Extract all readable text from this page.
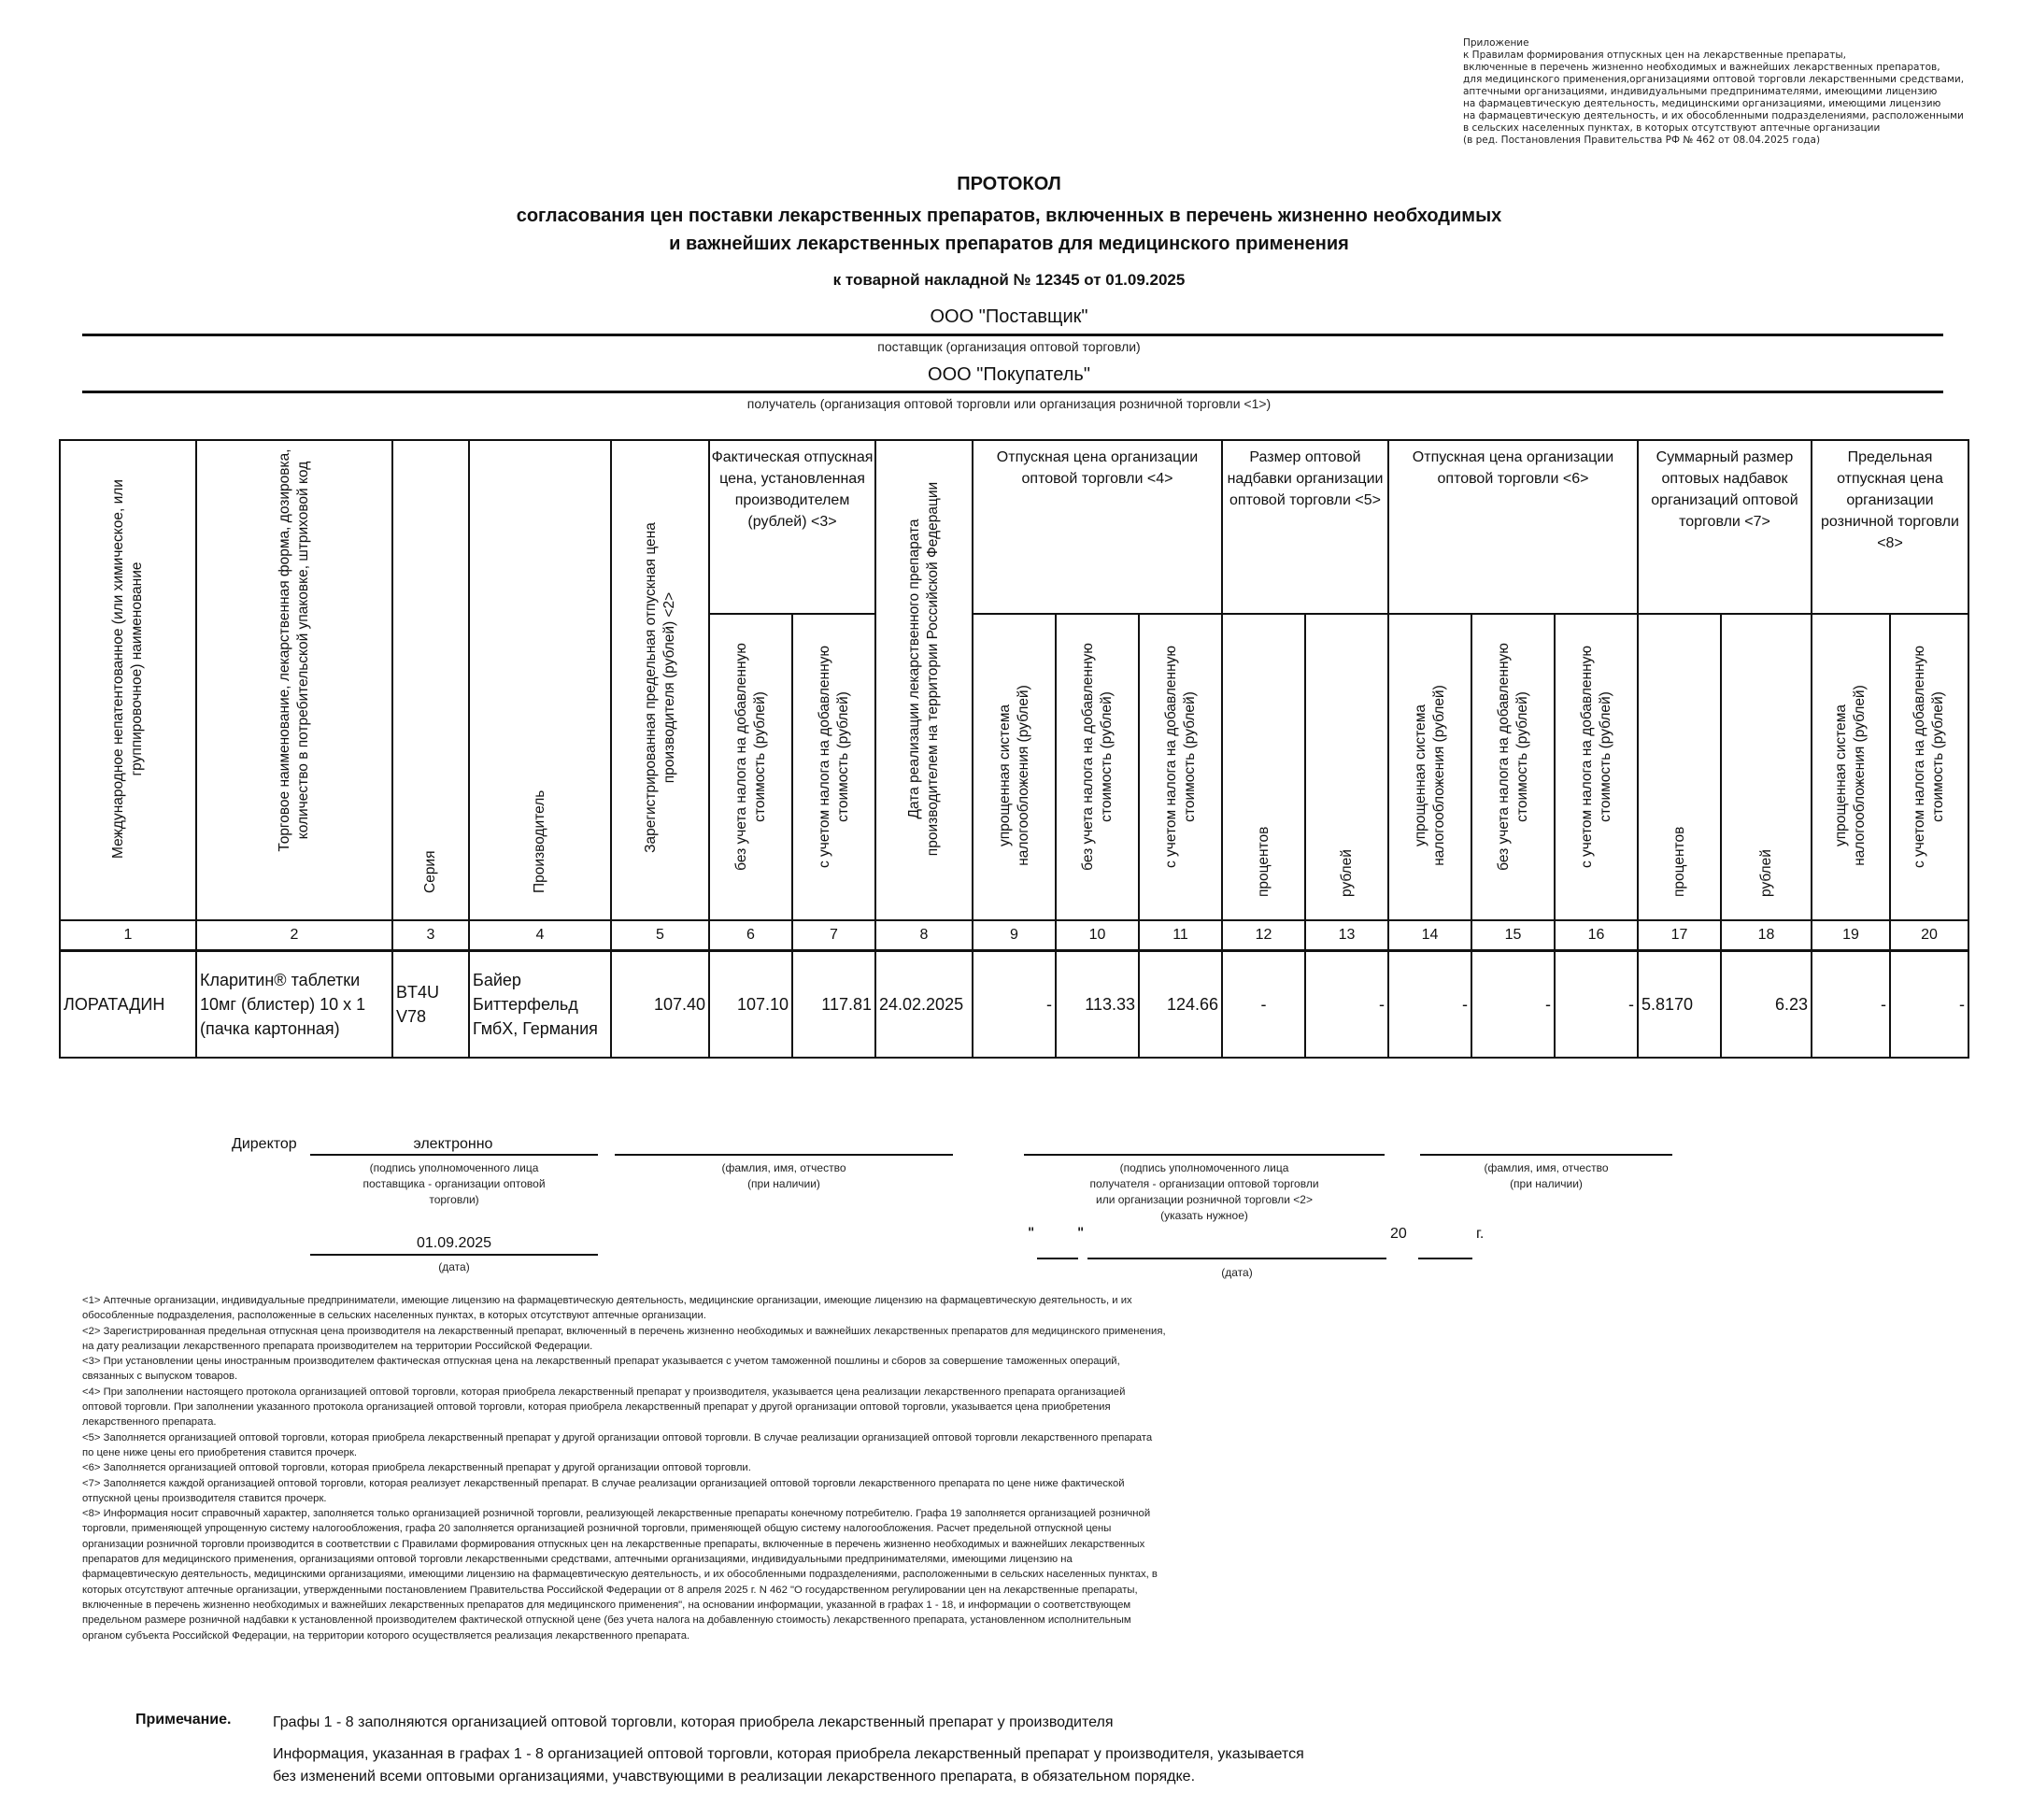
Приложение
к Правилам формирования отпускных цен на лекарственные препараты,
включенные в перечень жизненно необходимых и важнейших лекарственных препаратов,
для медицинского применения,организациями оптовой торговли лекарственными средствами,
аптечными организациями, индивидуальными предпринимателями, имеющими лицензию
на фармацевтическую деятельность, медицинскими организациями, имеющими лицензию
на фармацевтическую деятельность, и их обособленными подразделениями, расположенными
в сельских населенных пунктах, в которых отсутствуют аптечные организации
(в ред. Постановления Правительства РФ № 462 от 08.04.2025 года)
ПРОТОКОЛ
согласования цен поставки лекарственных препаратов, включенных в перечень жизненно необходимых
и важнейших лекарственных препаратов для медицинского применения
к товарной накладной № 12345 от 01.09.2025
ООО "Поставщик"
поставщик (организация оптовой торговли)
ООО "Покупатель"
получатель (организация оптовой торговли или организация розничной торговли <1>)
Международное непатентованное (или химическое, или группировочное) наименование	Торговое наименование, лекарственная форма, дозировка, количество в потребительской упаковке, штриховой код	Серия	Производитель	Зарегистрированная предельная отпускная цена производителя (рублей) <2>	Фактическая отпускная цена, установленная производителем (рублей) <3>		Дата реализации лекарственного препарата производителем на территории Российской Федерации	Отпускная цена организации оптовой торговли <4>			Размер оптовой надбавки организации оптовой торговли <5>		Отпускная цена организации оптовой торговли <6>			Суммарный размер оптовых надбавок организаций оптовой торговли <7>		Предельная отпускная цена организации розничной торговли <8>	

					без учета налога на добавленную стоимость (рублей)	с учетом налога на добавленную стоимость (рублей)		упрощенная система налогообложения (рублей)	без учета налога на добавленную стоимость (рублей)	с учетом налога на добавленную стоимость (рублей)	процентов	рублей	упрощенная система налогообложения (рублей)	без учета налога на добавленную стоимость (рублей)	с учетом налога на добавленную стоимость (рублей)	процентов	рублей	упрощенная система налогообложения (рублей)	с учетом налога на добавленную стоимость (рублей)

1	2	3	4	5	6	7	8	9	10	11	12	13	14	15	16	17	18	19	20
ЛОРАТАДИН	Кларитин® таблетки 10мг (блистер) 10 х 1 (пачка картонная)	BT4U V78	Байер Биттерфельд ГмбХ, Германия	107.40	107.10	117.81	24.02.2025	-	113.33	124.66	-	-	-	-	-	5.8170	6.23	-	-
Директор	электронно
(подпись уполномоченного лица
поставщика - организации оптовой
торговли)
(фамлия, имя, отчество
(при наличии)
01.09.2025
(дата)
(подпись уполномоченного лица
получателя - организации оптовой торговли
или организации розничной торговли <2>
(указать нужное)
(фамлия, имя, отчество
(при наличии)
"	"	20	г.
(дата)

<1> Аптечные организации, индивидуальные предприниматели, имеющие лицензию на фармацевтическую деятельность, медицинские организации, имеющие лицензию на фармацевтическую деятельность, и их обособленные подразделения, расположенные в сельских населенных пунктах, в которых отсутствуют аптечные организации.

<2> Зарегистрированная предельная отпускная цена производителя на лекарственный препарат, включенный в перечень жизненно необходимых и важнейших лекарственных препаратов для медицинского применения, на дату реализации лекарственного препарата производителем на территории Российской Федерации.

<3> При установлении цены иностранным производителем фактическая отпускная цена на лекарственный препарат указывается с учетом таможенной пошлины и сборов за совершение таможенных операций, связанных с выпуском товаров.

<4> При заполнении настоящего протокола организацией оптовой торговли, которая приобрела лекарственный препарат у производителя, указывается цена реализации лекарственного препарата организацией оптовой торговли. При заполнении указанного протокола организацией оптовой торговли, которая приобрела лекарственный препарат у другой организации оптовой торговли, указывается цена приобретения лекарственного препарата.

<5> Заполняется организацией оптовой торговли, которая приобрела лекарственный препарат у другой организации оптовой торговли. В случае реализации организацией оптовой торговли лекарственного препарата по цене ниже цены его приобретения ставится прочерк.

<6> Заполняется организацией оптовой торговли, которая приобрела лекарственный препарат у другой организации оптовой торговли.

<7> Заполняется каждой организацией оптовой торговли, которая реализует лекарственный препарат. В случае реализации организацией оптовой торговли лекарственного препарата по цене ниже фактической отпускной цены производителя ставится прочерк.

<8> Информация носит справочный характер, заполняется только организацией розничной торговли, реализующей лекарственные препараты конечному потребителю. Графа 19 заполняется организацией розничной торговли, применяющей упрощенную систему налогообложения, графа 20 заполняется организацией розничной торговли, применяющей общую систему налогообложения. Расчет предельной отпускной цены организации розничной торговли производится в соответствии с Правилами формирования отпускных цен на лекарственные препараты, включенные в перечень жизненно необходимых и важнейших лекарственных препаратов для медицинского применения, организациями оптовой торговли лекарственными средствами, аптечными организациями, индивидуальными предпринимателями, имеющими лицензию на фармацевтическую деятельность, медицинскими организациями, имеющими лицензию на фармацевтическую деятельность, и их обособленными подразделениями, расположенными в сельских населенных пунктах, в которых отсутствуют аптечные организации, утвержденными постановлением Правительства Российской Федерации от 8 апреля 2025 г. N 462 "О государственном регулировании цен на лекарственные препараты, включенные в перечень жизненно необходимых и важнейших лекарственных препаратов для медицинского применения", на основании информации, указанной в графах 1 - 18, и информации о соответствующем предельном размере розничной надбавки к установленной производителем фактической отпускной цене (без учета налога на добавленную стоимость) лекарственного препарата, установленном исполнительным органом субъекта Российской Федерации, на территории которого осуществляется реализация лекарственного препарата.

Примечание.	Графы 1 - 8 заполняются организацией оптовой торговли, которая приобрела лекарственный препарат у производителя
Информация, указанная в графах 1 - 8 организацией оптовой торговли, которая приобрела лекарственный препарат у производителя, указывается
без изменений всеми оптовыми организациями, учавствующими в реализации лекарственного препарата, в обязательном порядке.
